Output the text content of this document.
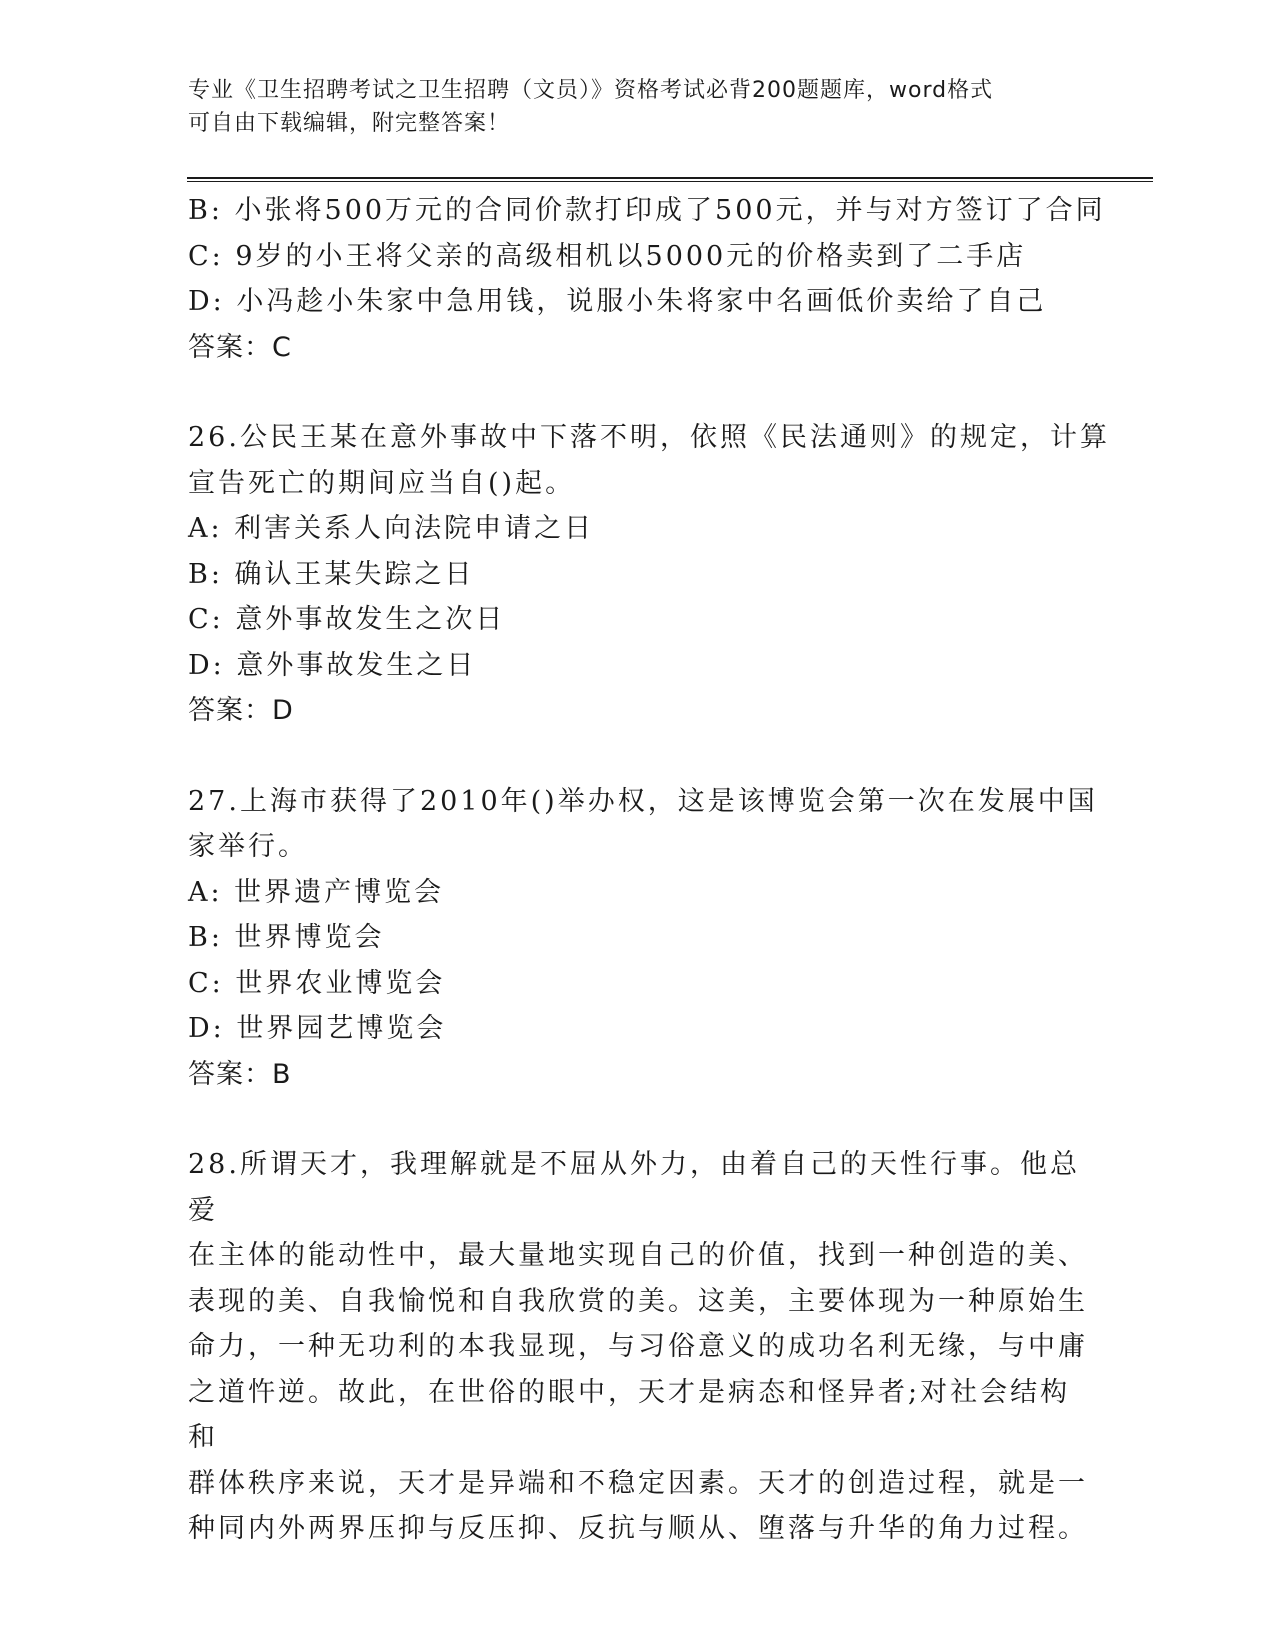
专业《卫生招聘考试之卫生招聘（文员）》资格考试必背200题题库，word格式
可自由下载编辑，附完整答案！
B: 小张将500万元的合同价款打印成了500元，并与对方签订了合同
C: 9岁的小王将父亲的高级相机以5000元的价格卖到了二手店
D: 小冯趁小朱家中急用钱，说服小朱将家中名画低价卖给了自己
答案：C
26.公民王某在意外事故中下落不明，依照《民法通则》的规定，计算
宣告死亡的期间应当自()起。
A: 利害关系人向法院申请之日
B: 确认王某失踪之日
C: 意外事故发生之次日
D: 意外事故发生之日
答案：D
27.上海市获得了2010年()举办权，这是该博览会第一次在发展中国
家举行。
A: 世界遗产博览会
B: 世界博览会
C: 世界农业博览会
D: 世界园艺博览会
答案：B
28.所谓天才，我理解就是不屈从外力，由着自己的天性行事。他总爱
在主体的能动性中，最大量地实现自己的价值，找到一种创造的美、
表现的美、自我愉悦和自我欣赏的美。这美，主要体现为一种原始生
命力，一种无功利的本我显现，与习俗意义的成功名利无缘，与中庸
之道忤逆。故此，在世俗的眼中，天才是病态和怪异者;对社会结构和
群体秩序来说，天才是异端和不稳定因素。天才的创造过程，就是一
种同内外两界压抑与反压抑、反抗与顺从、堕落与升华的角力过程。
